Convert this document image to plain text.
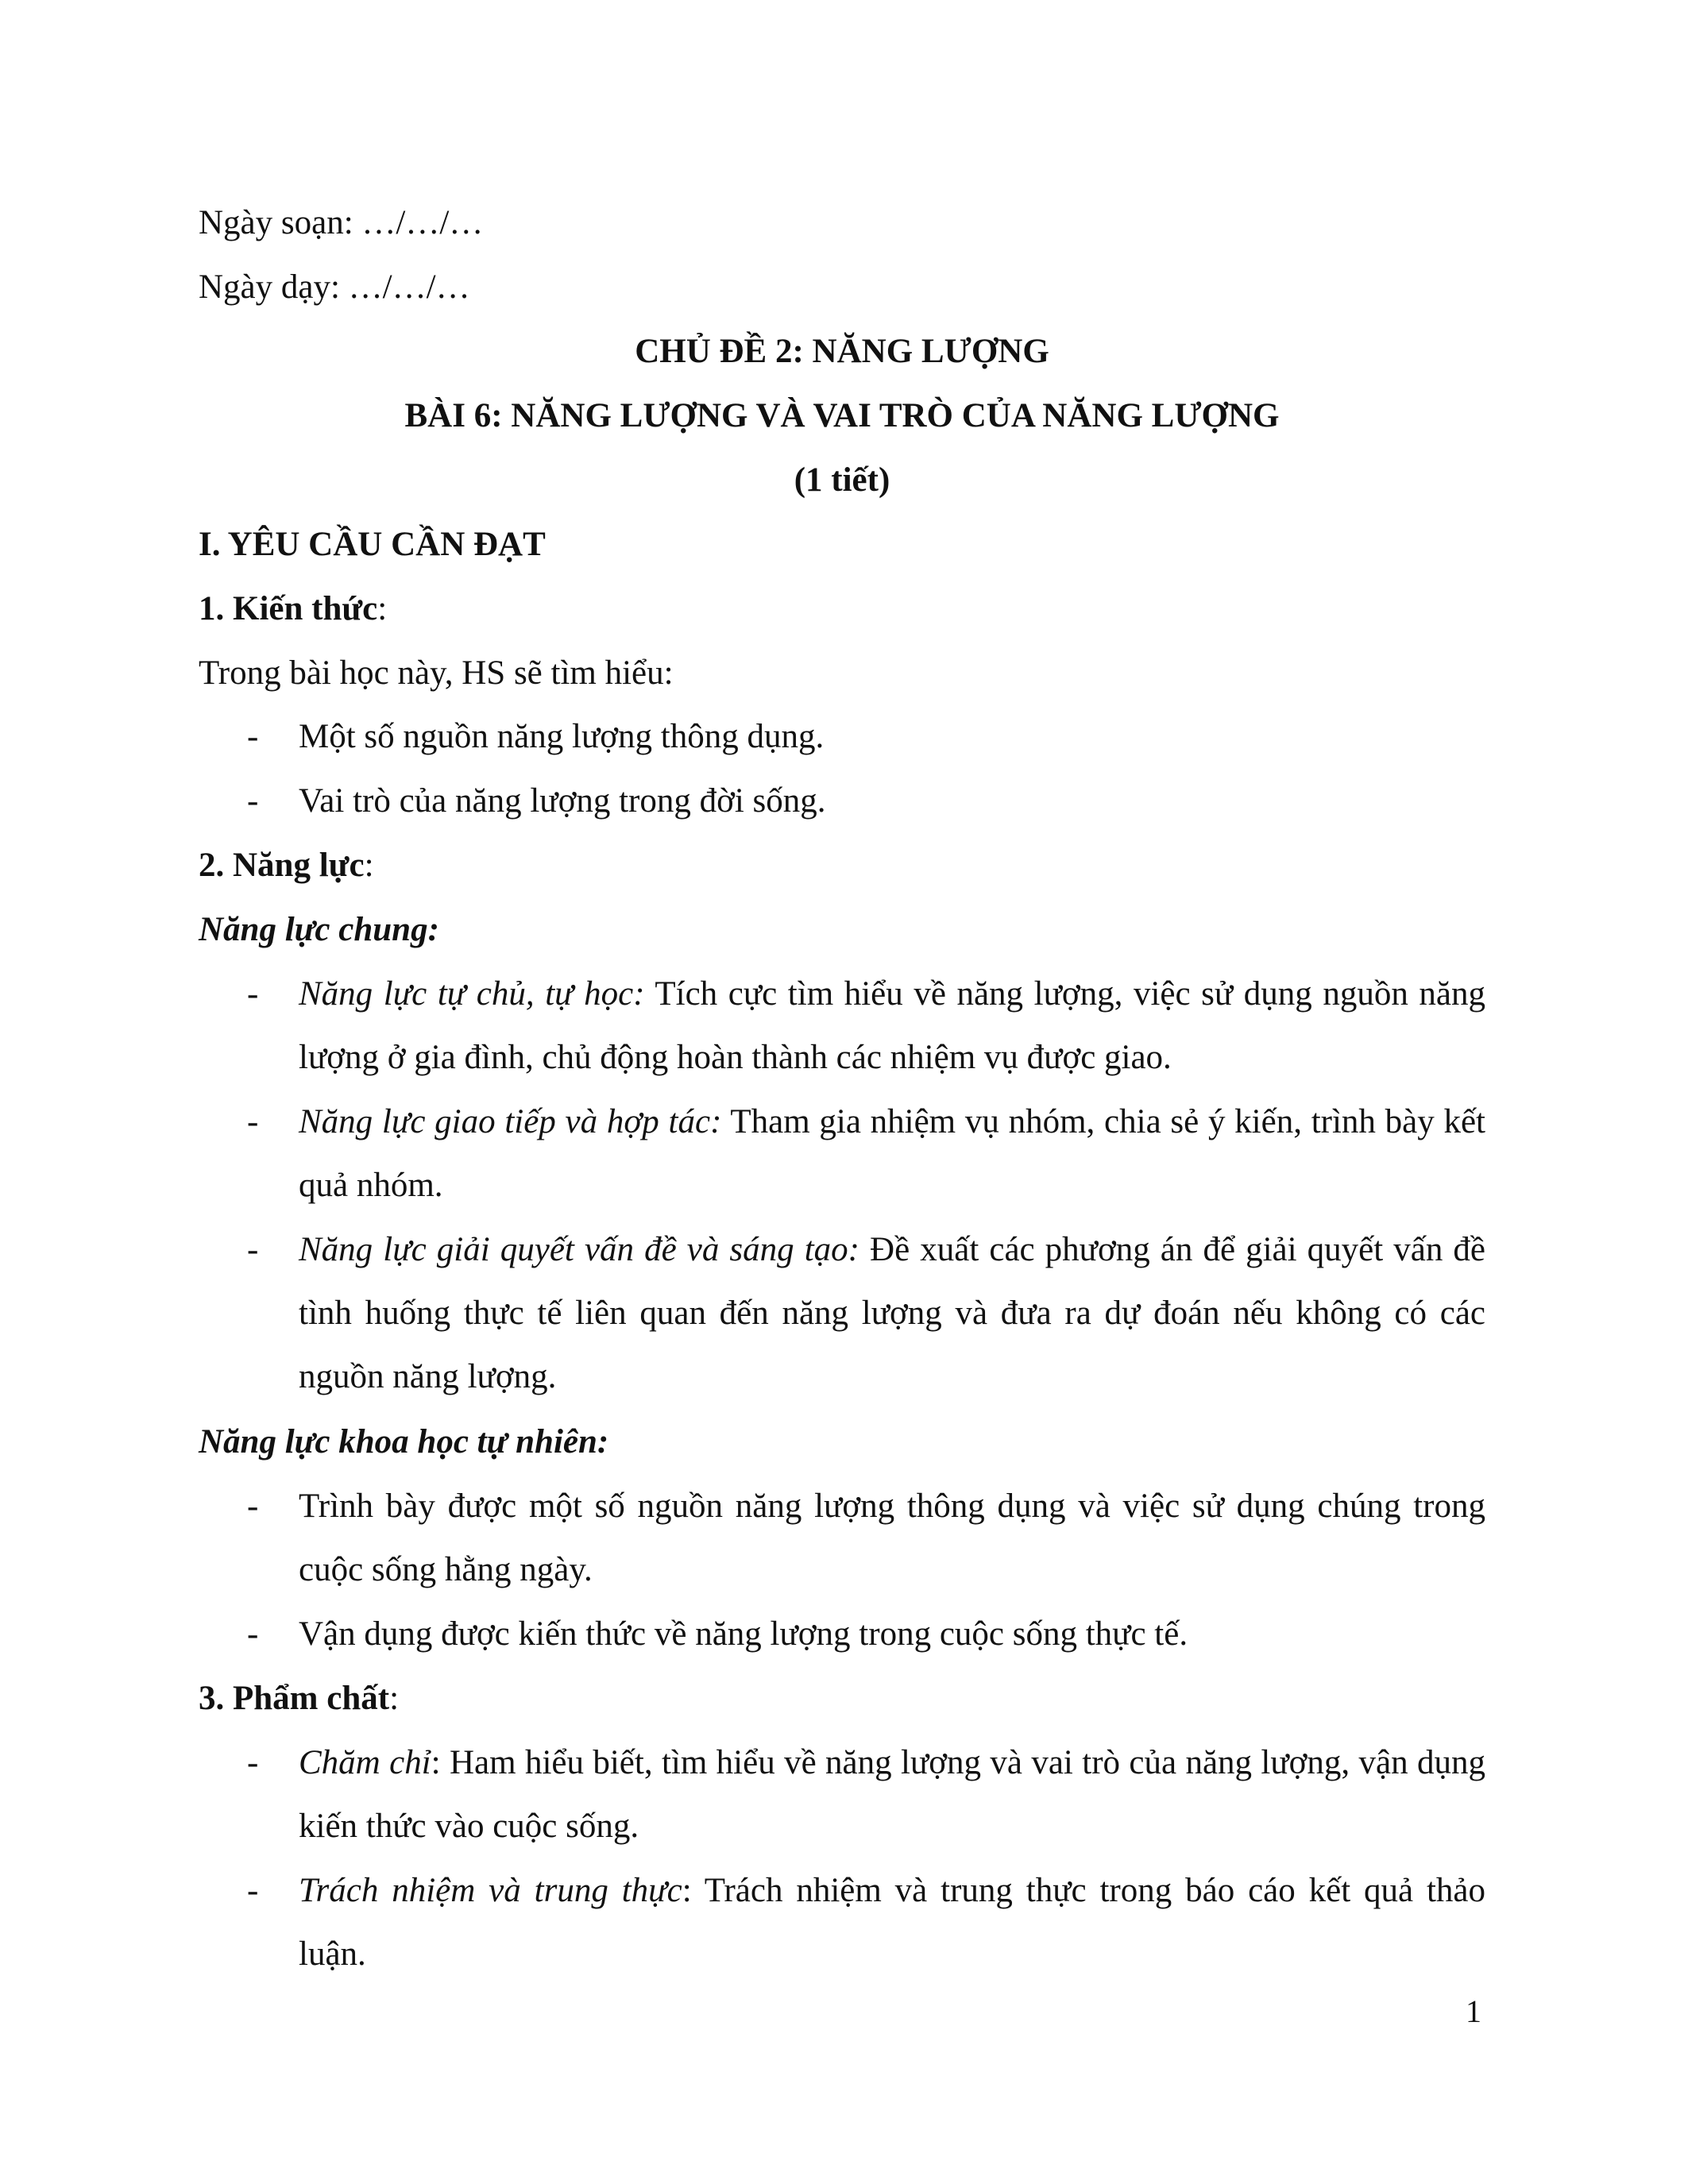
Ngày soạn: …/…/…
Ngày dạy: …/…/…
CHỦ ĐỀ 2: NĂNG LƯỢNG
BÀI 6: NĂNG LƯỢNG VÀ VAI TRÒ CỦA NĂNG LƯỢNG
(1 tiết)
I. YÊU CẦU CẦN ĐẠT
1. Kiến thức:
Trong bài học này, HS sẽ tìm hiểu:
- Một số nguồn năng lượng thông dụng.
- Vai trò của năng lượng trong đời sống.
2. Năng lực:
Năng lực chung:
- Năng lực tự chủ, tự học: Tích cực tìm hiểu về năng lượng, việc sử dụng nguồn năng lượng ở gia đình, chủ động hoàn thành các nhiệm vụ được giao.
- Năng lực giao tiếp và hợp tác: Tham gia nhiệm vụ nhóm, chia sẻ ý kiến, trình bày kết quả nhóm.
- Năng lực giải quyết vấn đề và sáng tạo: Đề xuất các phương án để giải quyết vấn đề tình huống thực tế liên quan đến năng lượng và đưa ra dự đoán nếu không có các nguồn năng lượng.
Năng lực khoa học tự nhiên:
- Trình bày được một số nguồn năng lượng thông dụng và việc sử dụng chúng trong cuộc sống hằng ngày.
- Vận dụng được kiến thức về năng lượng trong cuộc sống thực tế.
3. Phẩm chất:
- Chăm chỉ: Ham hiểu biết, tìm hiểu về năng lượng và vai trò của năng lượng, vận dụng kiến thức vào cuộc sống.
- Trách nhiệm và trung thực: Trách nhiệm và trung thực trong báo cáo kết quả thảo luận.
1
